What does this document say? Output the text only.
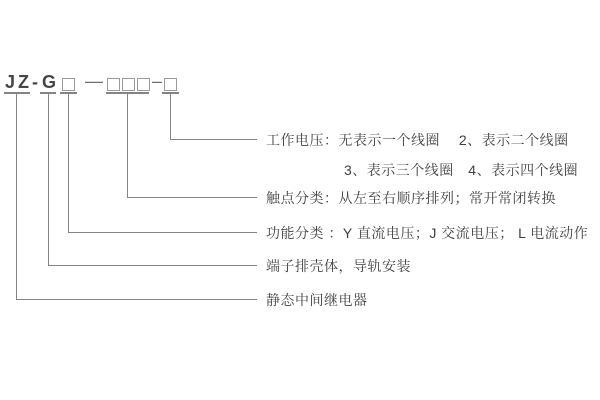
JZ - G —	–
工作电压：无表示一个线圈　 2、表示二个线圈
3、表示三个线圈　4、表示四个线圈
触点分类：从左至右顺序排列；常开常闭转换
功能分类 ：Y 直流电压；J 交流电压； L 电流动作
端子排壳体，导轨安装
静态中间继电器
